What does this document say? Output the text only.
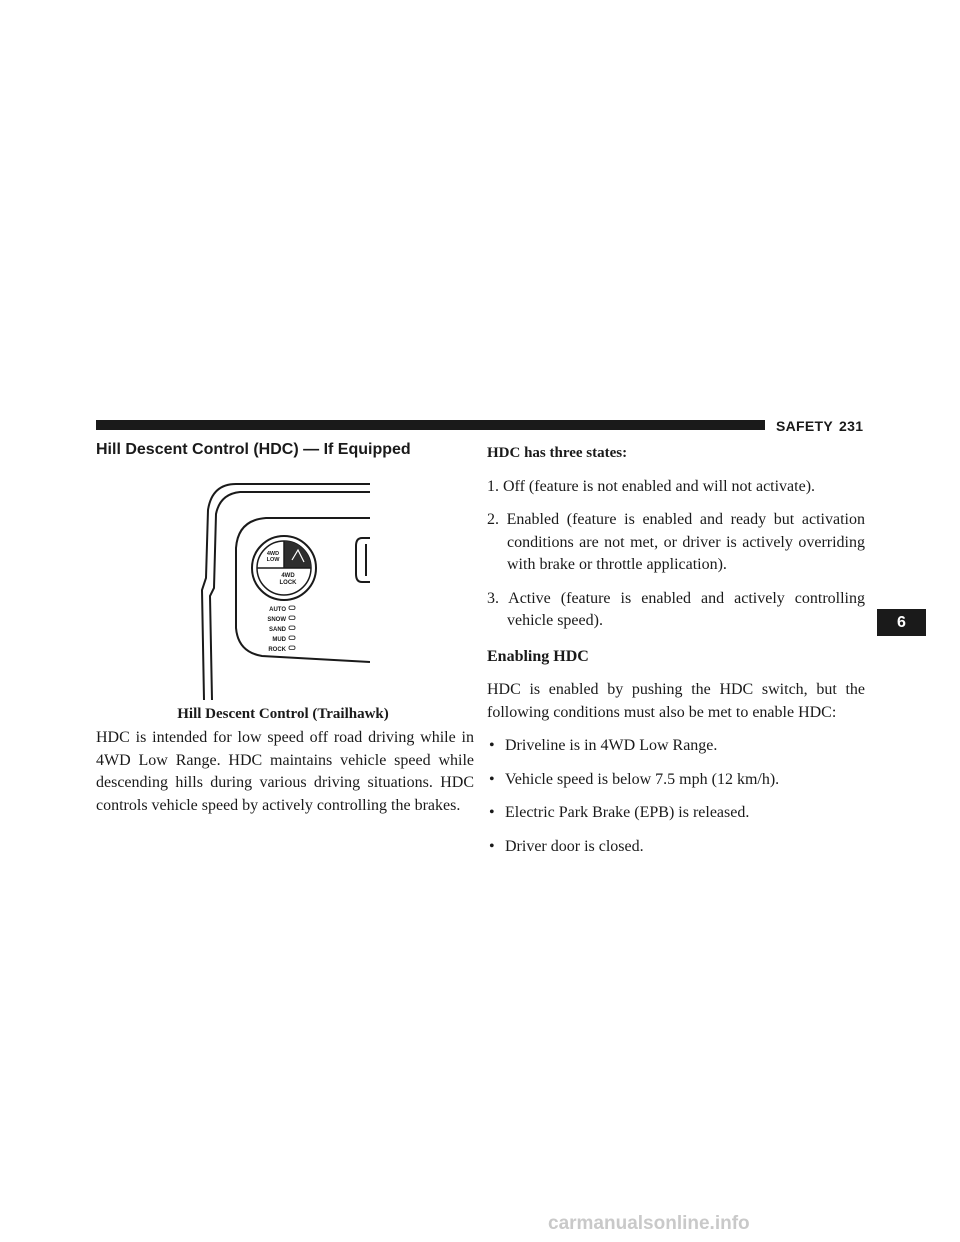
SAFETY 231
Hill Descent Control (HDC) — If Equipped
4WD
LOW
4WD
LOCK
AUTO
SNOW
SAND
MUD
ROCK
Hill Descent Control (Trailhawk)

HDC is intended for low speed off road driving while in 4WD Low Range. HDC maintains vehicle speed while descending hills during various driving situations. HDC controls vehicle speed by actively controlling the brakes.

HDC has three states:

1. Off (feature is not enabled and will not activate).

2. Enabled (feature is enabled and ready but activation conditions are not met, or driver is actively overriding with brake or throttle application).

3. Active (feature is enabled and actively controlling vehicle speed).

Enabling HDC

HDC is enabled by pushing the HDC switch, but the following conditions must also be met to enable HDC:

• Driveline is in 4WD Low Range.

• Vehicle speed is below 7.5 mph (12 km/h).

• Electric Park Brake (EPB) is released.

• Driver door is closed.

6
carmanualsonline.info
